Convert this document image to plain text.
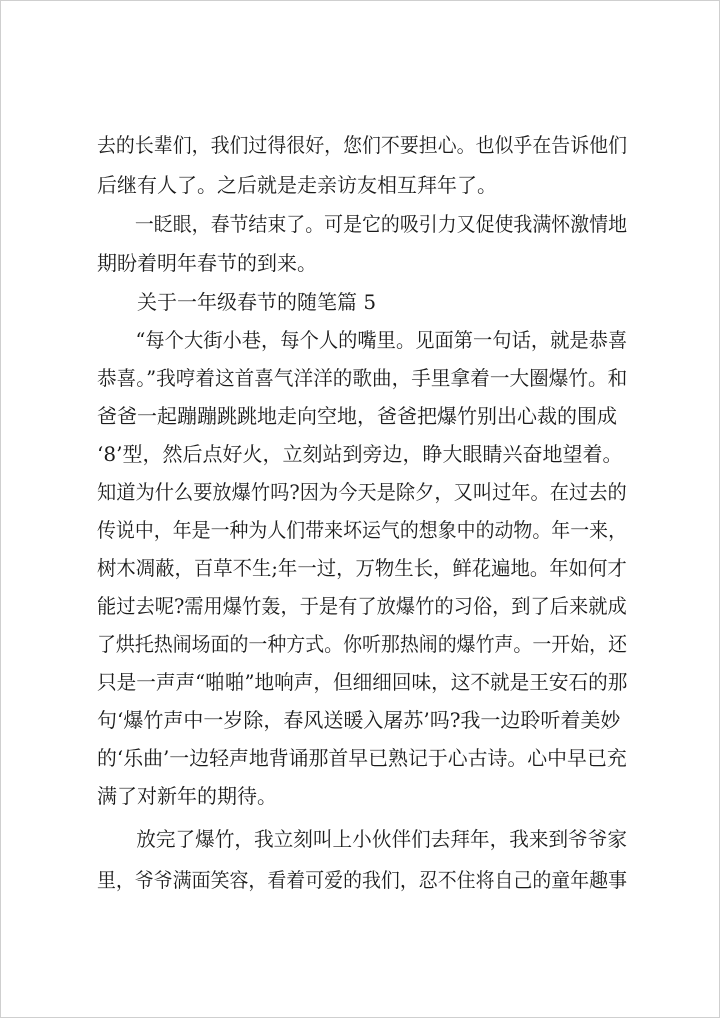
去的长辈们，我们过得很好，您们不要担心。也似乎在告诉他们
后继有人了。之后就是走亲访友相互拜年了。
　　一眨眼，春节结束了。可是它的吸引力又促使我满怀激情地
期盼着明年春节的到来。
　　关于一年级春节的随笔篇 5
　　“每个大街小巷，每个人的嘴里。见面第一句话，就是恭喜
恭喜。”我哼着这首喜气洋洋的歌曲，手里拿着一大圈爆竹。和
爸爸一起蹦蹦跳跳地走向空地，爸爸把爆竹别出心裁的围成
‘8’型，然后点好火，立刻站到旁边，睁大眼睛兴奋地望着。
知道为什么要放爆竹吗?因为今天是除夕，又叫过年。在过去的
传说中，年是一种为人们带来坏运气的想象中的动物。年一来，
树木凋蔽，百草不生;年一过，万物生长，鲜花遍地。年如何才
能过去呢?需用爆竹轰，于是有了放爆竹的习俗，到了后来就成
了烘托热闹场面的一种方式。你听那热闹的爆竹声。一开始，还
只是一声声“啪啪”地响声，但细细回味，这不就是王安石的那
句‘爆竹声中一岁除，春风送暖入屠苏’吗?我一边聆听着美妙
的‘乐曲’一边轻声地背诵那首早已熟记于心古诗。心中早已充
满了对新年的期待。
　　放完了爆竹，我立刻叫上小伙伴们去拜年，我来到爷爷家
里，爷爷满面笑容，看着可爱的我们，忍不住将自己的童年趣事
